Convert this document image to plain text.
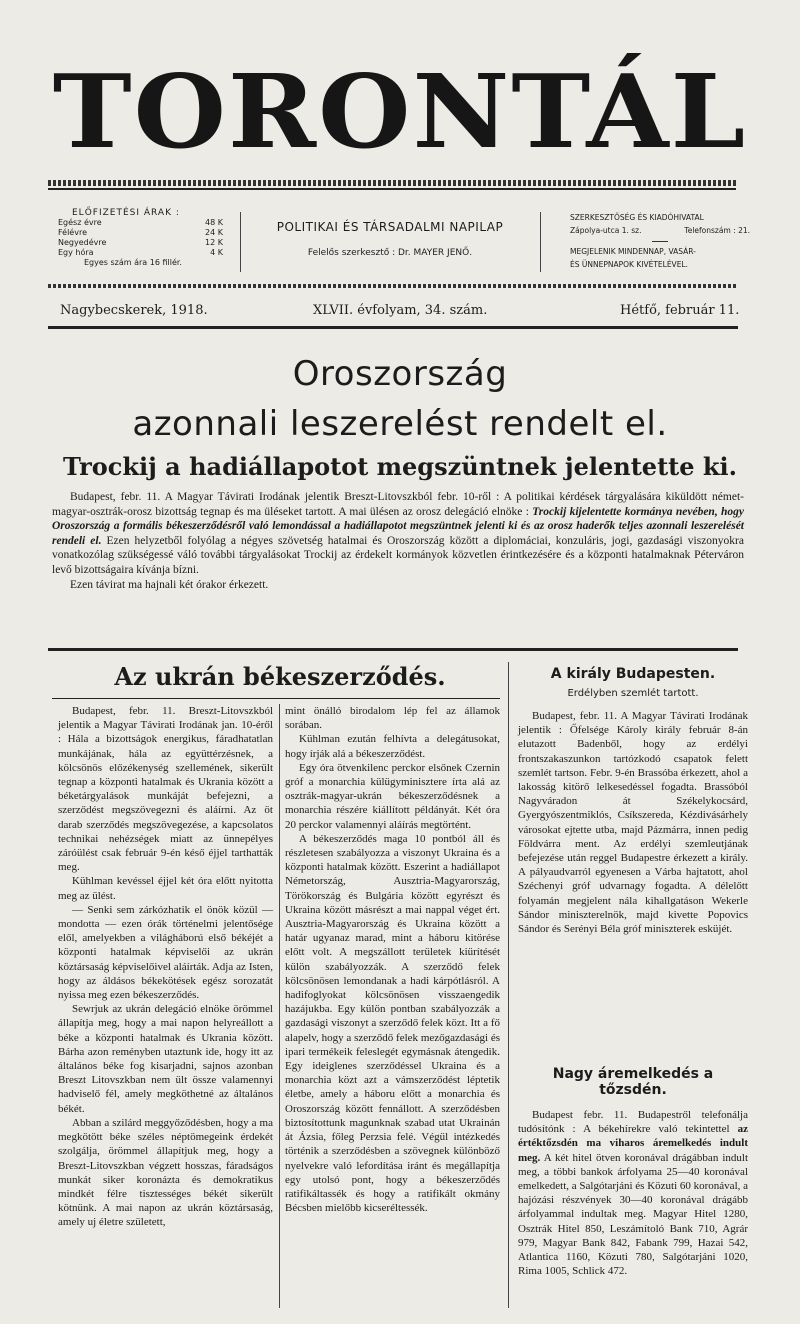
TORONTÁL
ELŐFIZETÉSI ÁRAK :
Egész évre	48 K
Félévre	24 K
Negyedévre	12 K
Egy hóra	4 K
Egyes szám ára 16 fillér.
POLITIKAI ÉS TÁRSADALMI NAPILAP
Felelős szerkesztő : Dr. MAYER JENŐ.
SZERKESZTŐSÉG ÉS KIADÓHIVATAL
Zápolya-utca 1. sz.	Telefonszám : 21.
MEGJELENIK MINDENNAP, VASÁR-
ÉS ÜNNEPNAPOK KIVÉTELÉVEL.
Nagybecskerek, 1918.	XLVII. évfolyam, 34. szám.	Hétfő, február 11.
Oroszország
azonnali leszerelést rendelt el.
Trockij a hadiállapotot megszüntnek jelentette ki.

Budapest, febr. 11. A Magyar Távirati Irodának jelentik Breszt-Litovszkból febr. 10-ről : A politikai kérdések tárgyalására kiküldött német-magyar-osztrák-orosz bizottság tegnap és ma üléseket tartott. A mai ülésen az orosz delegáció elnöke : Trockij kijelentette kormánya nevében, hogy Oroszország a formális békeszerződésről való lemondással a hadiállapotot megszüntnek jelenti ki és az orosz haderők teljes azonnali leszerelését rendeli el. Ezen helyzetből folyólag a négyes szövetség hatalmai és Oroszország között a diplomáciai, konzuláris, jogi, gazdasági viszonyokra vonatkozólag szükségessé váló további tárgyalásokat Trockij az érdekelt kormányok közvetlen érintkezésére és a központi hatalmaknak Péterváron levő bizottságaira kívánja bízni.

Ezen távirat ma hajnali két órakor érkezett.

Az ukrán békeszerződés.

Budapest, febr. 11. Breszt-Litovszkból jelentik a Magyar Távirati Irodának jan. 10-éről : Hála a bizottságok energikus, fáradhatatlan munkájának, hála az együttérzésnek, a kölcsönös előzékenység szellemének, sikerült tegnap a központi hatalmak és Ukrania között a béketárgyalások munkáját befejezni, a szerződést megszövegezni és aláírni. Az öt darab szerződés megszövegezése, a kapcsolatos technikai nehézségek miatt az ünnepélyes záróülést csak február 9-én késő éjjel tarthatták meg.

Kühlman kevéssel éjjel két óra előtt nyitotta meg az ülést.

— Senki sem zárkózhatik el önök közül — mondotta — ezen órák történelmi jelentősége elől, amelyekben a világháború első békéjét a központi hatalmak képviselői az ukrán köztársaság képviselőivel aláírták. Adja az Isten, hogy az áldásos békekötések egész sorozatát nyissa meg ezen békeszerződés.

Sewrjuk az ukrán delegáció elnöke örömmel állapítja meg, hogy a mai napon helyreállott a béke a központi hatalmak és Ukrania között. Bárha azon reményben utaztunk ide, hogy itt az általános béke fog kisarjadni, sajnos azonban Breszt Litovszkban nem ült össze valamennyi hadviselő fél, amely megköthetné az általános békét.

Abban a szilárd meggyőződésben, hogy a ma megkötött béke széles néptömegeink érdekét szolgálja, örömmel állapítjuk meg, hogy a Breszt-Litovszkban végzett hosszas, fáradságos munkát siker koronázta és demokratikus mindkét félre tisztességes békét sikerült kötnünk. A mai napon az ukrán köztársaság, amely uj életre született,

mint önálló birodalom lép fel az államok sorában.

Kühlman ezután felhívta a delegátusokat, hogy írják alá a békeszerződést.

Egy óra ötvenkilenc perckor elsőnek Czernin gróf a monarchia külügyminisztere írta alá az osztrák-magyar-ukrán békeszerződésnek a monarchia részére kiállított példányát. Két óra 20 perckor valamennyi aláírás megtörtént.

A békeszerződés maga 10 pontból áll és részletesen szabályozza a viszonyt Ukraina és a központi hatalmak között. Eszerint a hadiállapot Németország, Ausztria-Magyarország, Törökország és Bulgária között egyrészt és Ukraina között másrészt a mai nappal véget ért. Ausztria-Magyarország és Ukraina között a határ ugyanaz marad, mint a háboru kitörése előtt volt. A megszállott területek kiürítését külön szabályozzák. A szerződő felek kölcsönösen lemondanak a hadi kárpótlásról. A hadifoglyokat kölcsönösen visszaengedik hazájukba. Egy külön pontban szabályozzák a gazdasági viszonyt a szerződő felek közt. Itt a fő alapelv, hogy a szerződő felek mezőgazdasági és ipari termékeik feleslegét egymásnak átengedik. Egy ideiglenes szerződéssel Ukraina és a monarchia közt azt a vámszerződést léptetik életbe, amely a háboru előtt a monarchia és Oroszország között fennállott. A szerződésben biztosítottunk magunknak szabad utat Ukrainán át Ázsia, főleg Perzsia felé. Végül intézkedés történik a szerződésben a szövegnek különböző nyelvekre való lefordítása iránt és megállapítja egy utolsó pont, hogy a békeszerződés ratifikáltassék és hogy a ratifikált okmány Bécsben mielőbb kicseréltessék.

A király Budapesten.
Erdélyben szemlét tartott.

Budapest, febr. 11. A Magyar Távirati Irodának jelentik : Őfelsége Károly király február 8-án elutazott Badenből, hogy az erdélyi frontszakaszunkon tartózkodó csapatok felett szemlét tartson. Febr. 9-én Brassóba érkezett, ahol a lakosság kitörő lelkesedéssel fogadta. Brassóból Nagyváradon át Székelykocsárd, Gyergyószentmiklós, Csíkszereda, Kézdivásárhely városokat ejtette utba, majd Pázmárra, innen pedig Földvárra ment. Az erdélyi szemleutjának befejezése után reggel Budapestre érkezett a király. A pályaudvarról egyenesen a Várba hajtatott, ahol Széchenyi gróf udvarnagy fogadta. A délelőtt folyamán megjelent nála kihallgatáson Wekerle Sándor miniszterelnök, majd kivette Popovics Sándor és Serényi Béla gróf miniszterek esküjét.

Nagy áremelkedés a tőzsdén.

Budapest febr. 11. Budapestről telefonálja tudósítónk : A békehírekre való tekintettel az értéktőzsdén ma viharos áremelkedés indult meg. A két hitel ötven koronával drágábban indult meg, a többi bankok árfolyama 25—40 koronával emelkedett, a Salgótarjáni és Közuti 60 koronával, a hajózási részvények 30—40 koronával drágább árfolyammal indultak meg. Magyar Hitel 1280, Osztrák Hitel 850, Leszámítoló Bank 710, Agrár 979, Magyar Bank 842, Fabank 799, Hazai 542, Atlantica 1160, Közuti 780, Salgótarjáni 1020, Rima 1005, Schlick 472.
